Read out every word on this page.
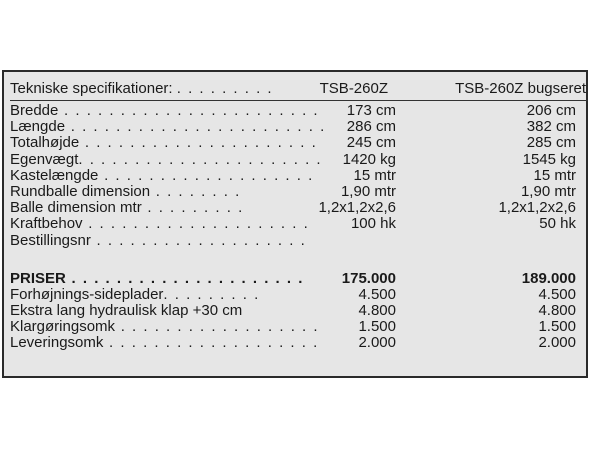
Tekniske specifikationer: . . . . . . . . .	TSB-260Z	TSB-260Z bugseret
Bredde . . . . . . . . . . . . . . . . . . . . . . . 173 cm	206 cm
Længde . . . . . . . . . . . . . . . . . . . . . . . 286 cm	382 cm
Totalhøjde . . . . . . . . . . . . . . . . . . . . . 245 cm	285 cm
Egenvægt. . . . . . . . . . . . . . . . . . . . . . 1420 kg	1545 kg
Kastelængde . . . . . . . . . . . . . . . . . . .	15 mtr	15 mtr
Rundballe dimension . . . . . . . .	1,90 mtr	1,90 mtr
Balle dimension mtr . . . . . . . . .	1,2x1,2x2,6	1,2x1,2x2,6
Kraftbehov . . . . . . . . . . . . . . . . . . . .	100 hk	50 hk
Bestillingsnr . . . . . . . . . . . . . . . . . . .
PRISER . . . . . . . . . . . . . . . . . . . . .	175.000	189.000
Forhøjnings-sideplader. . . . . . . . .	4.500	4.500
Ekstra lang hydraulisk klap +30 cm	4.800	4.800
Klargøringsomk . . . . . . . . . . . . . . . . . .	1.500	1.500
Leveringsomk . . . . . . . . . . . . . . . . . . .	2.000	2.000
